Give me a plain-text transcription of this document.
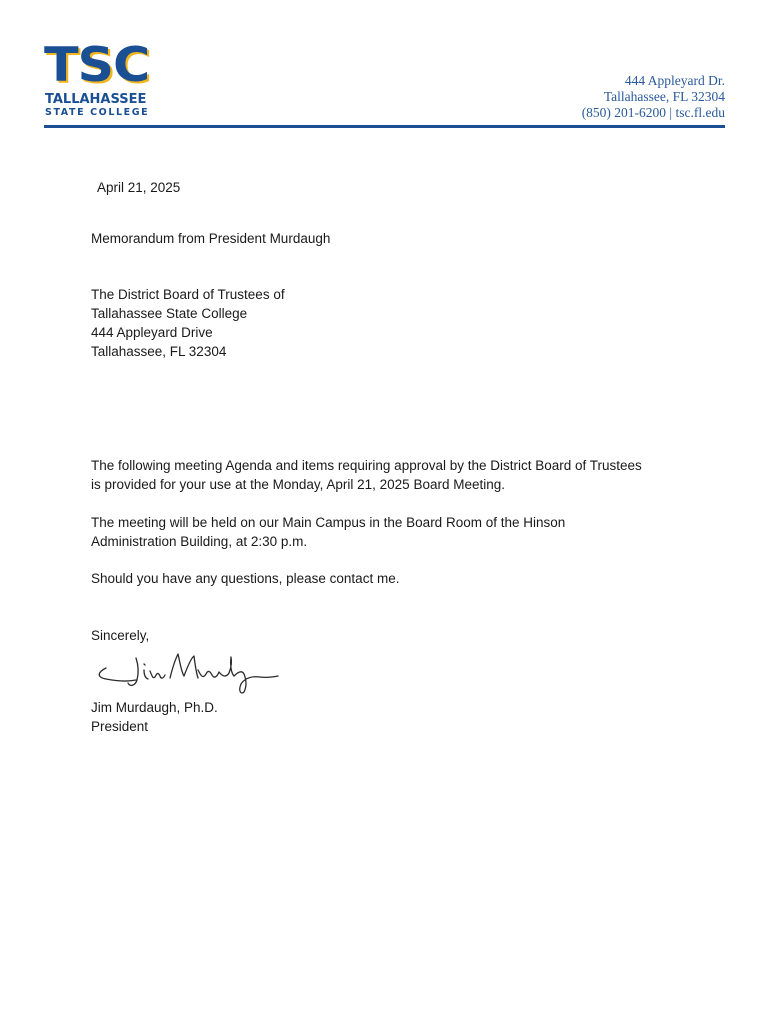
TSC
TALLAHASSEE
STATE COLLEGE
444 Appleyard Dr.
Tallahassee, FL 32304
(850) 201-6200 | tsc.fl.edu
April 21, 2025
Memorandum from President Murdaugh
The District Board of Trustees of
Tallahassee State College
444 Appleyard Drive
Tallahassee, FL 32304
The following meeting Agenda and items requiring approval by the District Board of Trustees is provided for your use at the Monday, April 21, 2025 Board Meeting.
The meeting will be held on our Main Campus in the Board Room of the Hinson Administration Building, at 2:30 p.m.
Should you have any questions, please contact me.
Sincerely,
Jim Murdaugh, Ph.D.
President
